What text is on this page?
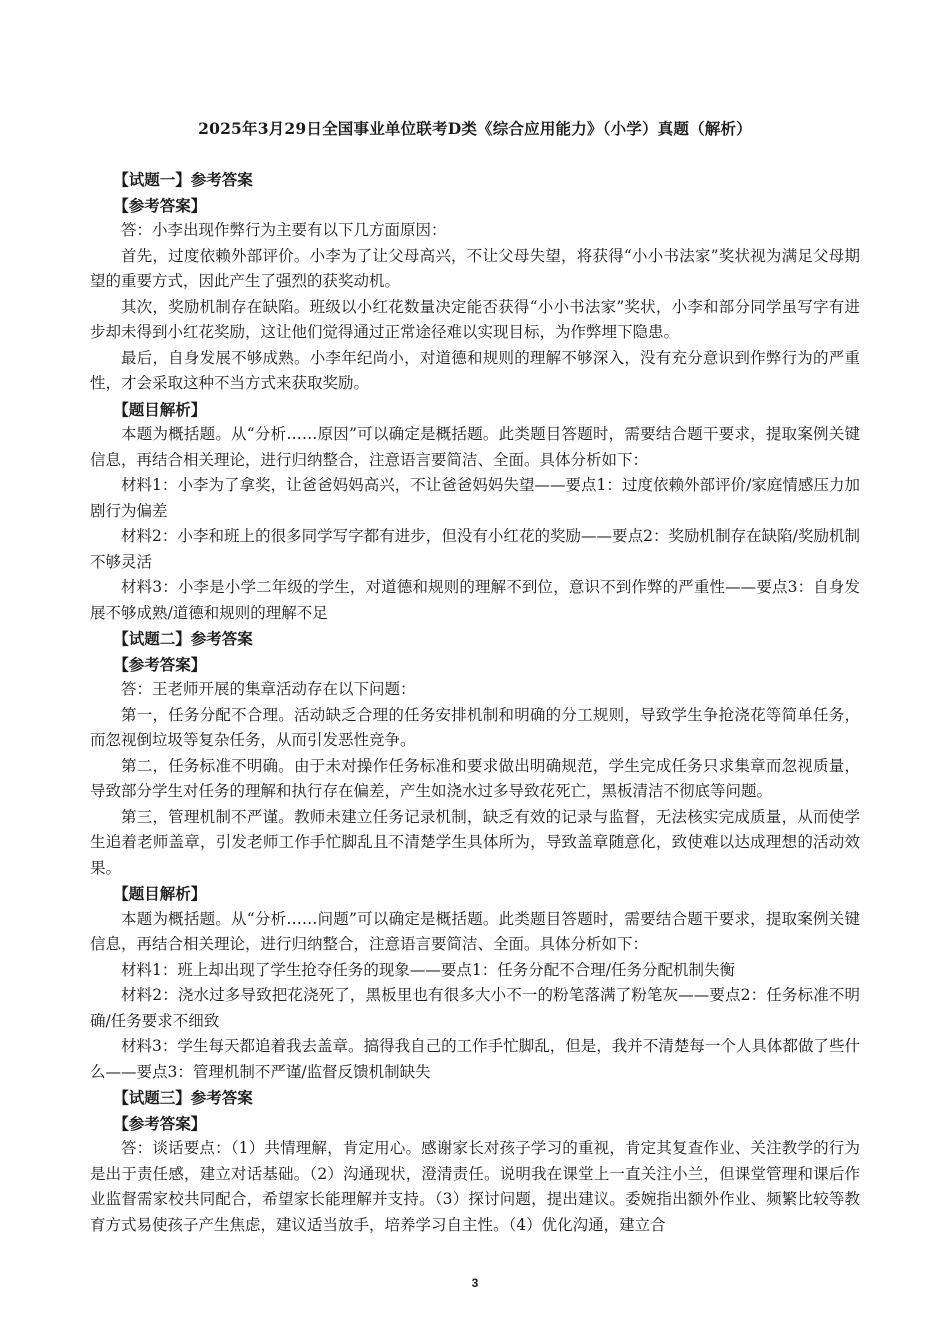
2025年3月29日全国事业单位联考D类《综合应用能力》（小学）真题（解析）

【试题一】参考答案

【参考答案】

答：小李出现作弊行为主要有以下几方面原因：

首先，过度依赖外部评价。小李为了让父母高兴，不让父母失望，将获得“小小书法家”奖状视为满足父母期望的重要方式，因此产生了强烈的获奖动机。

其次，奖励机制存在缺陷。班级以小红花数量决定能否获得“小小书法家”奖状，小李和部分同学虽写字有进步却未得到小红花奖励，这让他们觉得通过正常途径难以实现目标，为作弊埋下隐患。

最后，自身发展不够成熟。小李年纪尚小，对道德和规则的理解不够深入，没有充分意识到作弊行为的严重性，才会采取这种不当方式来获取奖励。

【题目解析】

本题为概括题。从“分析……原因”可以确定是概括题。此类题目答题时，需要结合题干要求，提取案例关键信息，再结合相关理论，进行归纳整合，注意语言要简洁、全面。具体分析如下：

材料1：小李为了拿奖，让爸爸妈妈高兴，不让爸爸妈妈失望——要点1：过度依赖外部评价/家庭情感压力加剧行为偏差

材料2：小李和班上的很多同学写字都有进步，但没有小红花的奖励——要点2：奖励机制存在缺陷/奖励机制不够灵活

材料3：小李是小学二年级的学生，对道德和规则的理解不到位，意识不到作弊的严重性——要点3：自身发展不够成熟/道德和规则的理解不足

【试题二】参考答案

【参考答案】

答：王老师开展的集章活动存在以下问题：

第一，任务分配不合理。活动缺乏合理的任务安排机制和明确的分工规则，导致学生争抢浇花等简单任务，而忽视倒垃圾等复杂任务，从而引发恶性竞争。

第二，任务标准不明确。由于未对操作任务标准和要求做出明确规范，学生完成任务只求集章而忽视质量，导致部分学生对任务的理解和执行存在偏差，产生如浇水过多导致花死亡，黑板清洁不彻底等问题。

第三，管理机制不严谨。教师未建立任务记录机制，缺乏有效的记录与监督，无法核实完成质量，从而使学生追着老师盖章，引发老师工作手忙脚乱且不清楚学生具体所为，导致盖章随意化，致使难以达成理想的活动效果。

【题目解析】

本题为概括题。从“分析……问题”可以确定是概括题。此类题目答题时，需要结合题干要求，提取案例关键信息，再结合相关理论，进行归纳整合，注意语言要简洁、全面。具体分析如下：

材料1：班上却出现了学生抢夺任务的现象——要点1：任务分配不合理/任务分配机制失衡

材料2：浇水过多导致把花浇死了，黑板里也有很多大小不一的粉笔落满了粉笔灰——要点2：任务标准不明确/任务要求不细致

材料3：学生每天都追着我去盖章。搞得我自己的工作手忙脚乱，但是，我并不清楚每一个人具体都做了些什么——要点3：管理机制不严谨/监督反馈机制缺失

【试题三】参考答案

【参考答案】

答：谈话要点：（1）共情理解，肯定用心。感谢家长对孩子学习的重视，肯定其复查作业、关注教学的行为是出于责任感，建立对话基础。（2）沟通现状，澄清责任。说明我在课堂上一直关注小兰，但课堂管理和课后作业监督需家校共同配合，希望家长能理解并支持。（3）探讨问题，提出建议。委婉指出额外作业、频繁比较等教育方式易使孩子产生焦虑，建议适当放手，培养学习自主性。（4）优化沟通，建立合

3
